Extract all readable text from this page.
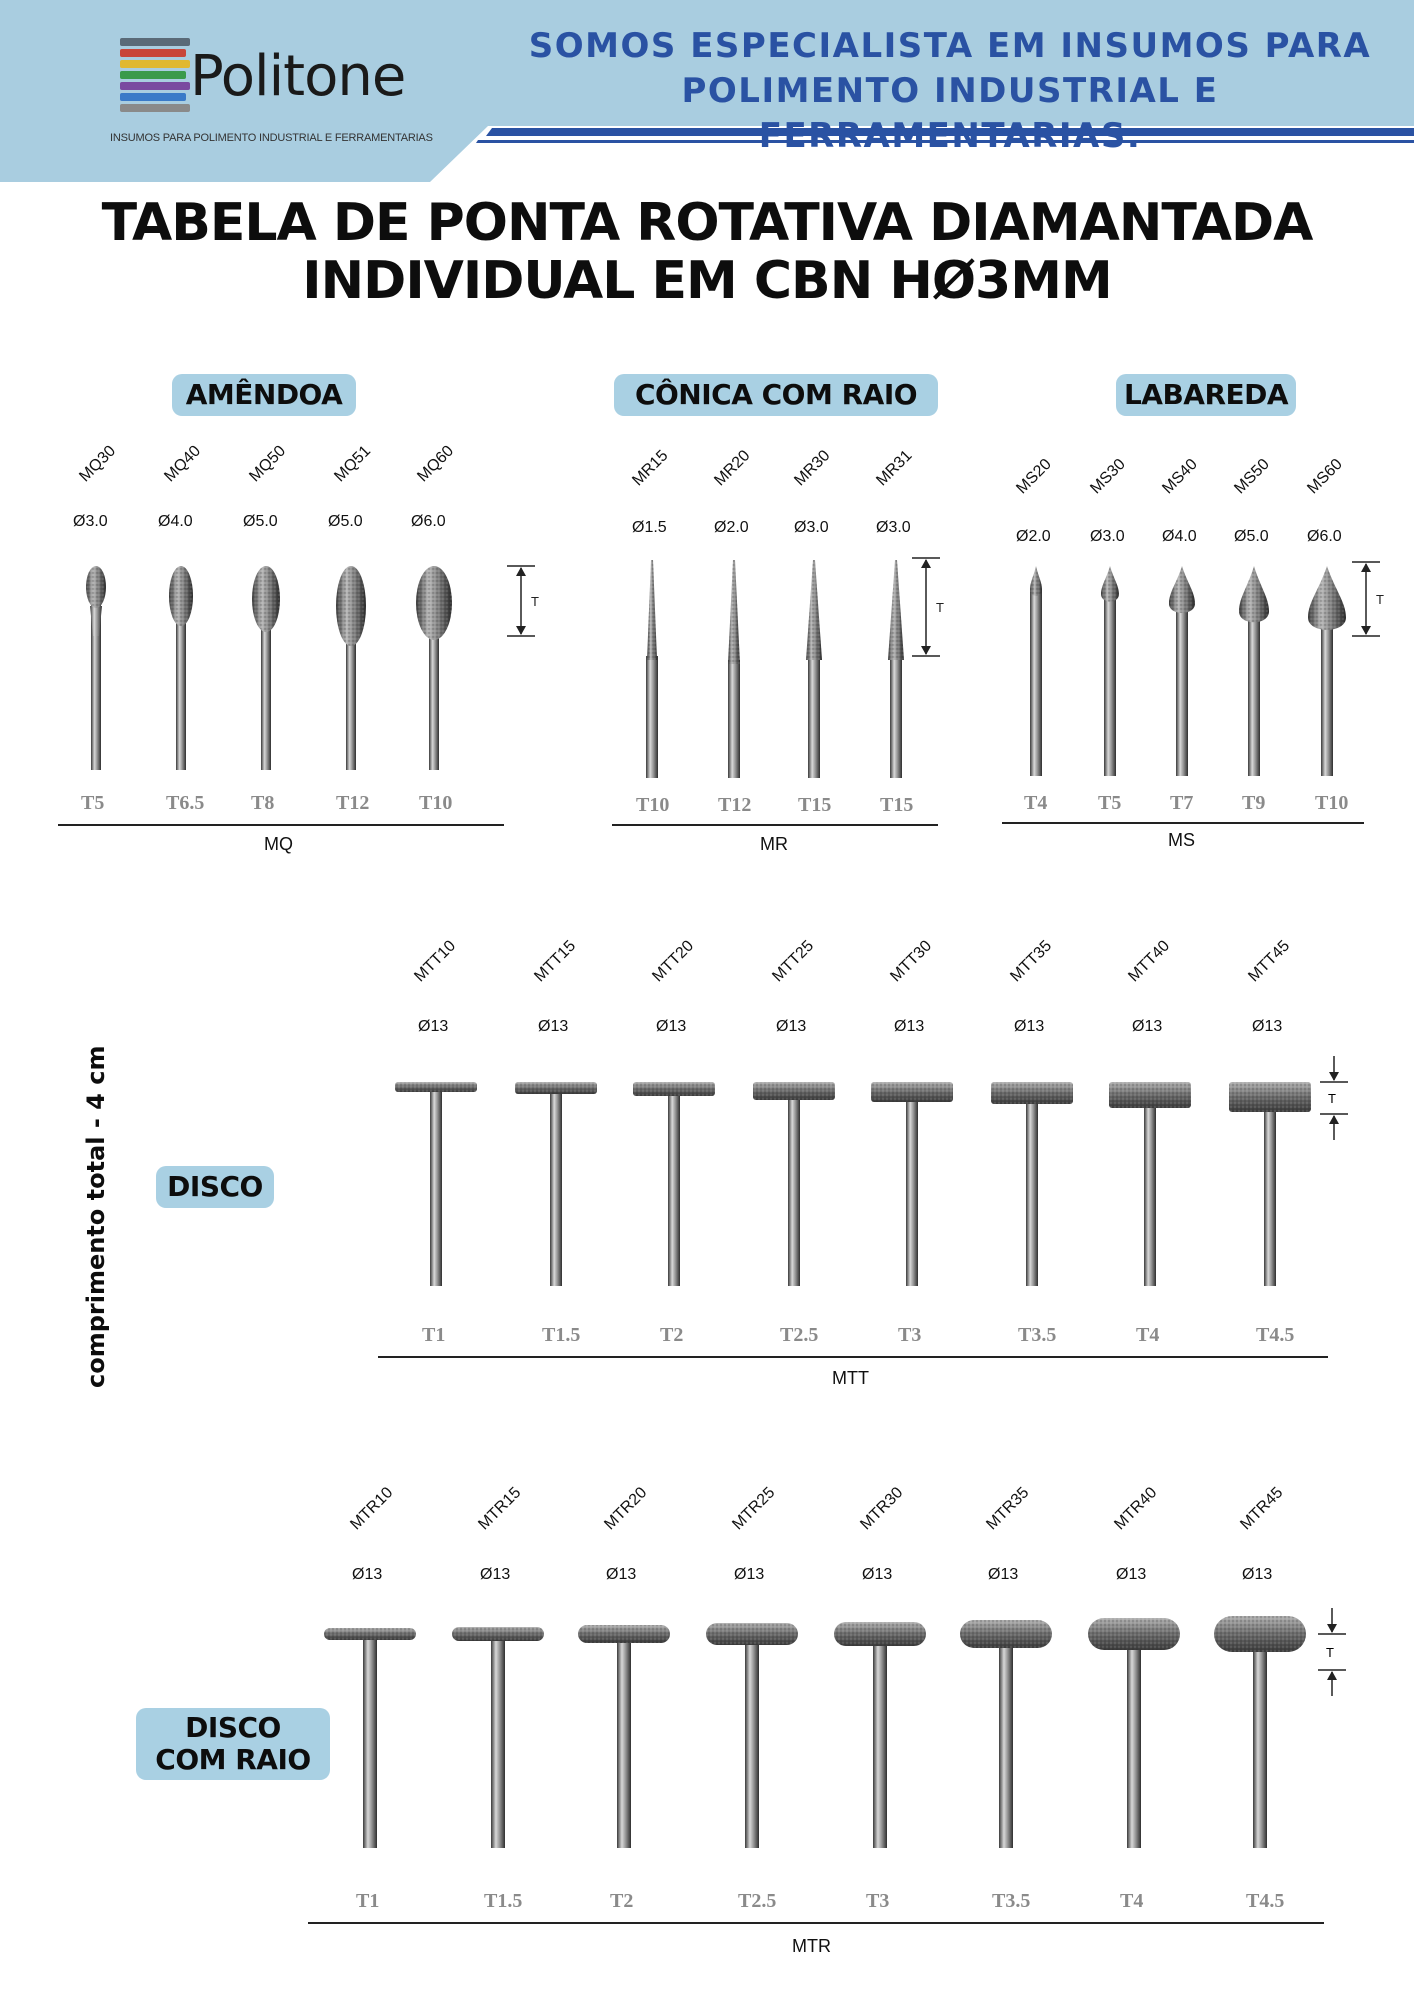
Politone
INSUMOS PARA POLIMENTO INDUSTRIAL E FERRAMENTARIAS
SOMOS ESPECIALISTA EM INSUMOS PARA
POLIMENTO INDUSTRIAL E FERRAMENTARIAS.
TABELA DE PONTA ROTATIVA DIAMANTADA
INDIVIDUAL EM CBN HØ3MM
AMÊNDOA	CÔNICA COM RAIO	LABAREDA
DISCO
DISCO
COM RAIO
comprimento total - 4 cm
T	T
T
T
T
MQ30
Ø3.0
T5
MQ40
Ø4.0
T6.5
MQ50
Ø5.0
T8
MQ51
Ø5.0
T12
MQ60
Ø6.0
T10
MQ
MR15
Ø1.5
T10
MR20
Ø2.0
T12
MR30
Ø3.0
T15
MR31
Ø3.0
T15
MR
MS20
Ø2.0
T4
MS30
Ø3.0
T5
MS40
Ø4.0
T7
MS50
Ø5.0
T9
MS60
Ø6.0
T10
MS
MTT10
Ø13
T1
MTT15
Ø13
T1.5
MTT20
Ø13
T2
MTT25
Ø13
T2.5
MTT30
Ø13
T3
MTT35
Ø13
T3.5
MTT40
Ø13
T4
MTT45
Ø13
T4.5
MTT
MTR10
Ø13
T1
MTR15
Ø13
T1.5
MTR20
Ø13
T2
MTR25
Ø13
T2.5
MTR30
Ø13
T3
MTR35
Ø13
T3.5
MTR40
Ø13
T4
MTR45
Ø13
T4.5
MTR
